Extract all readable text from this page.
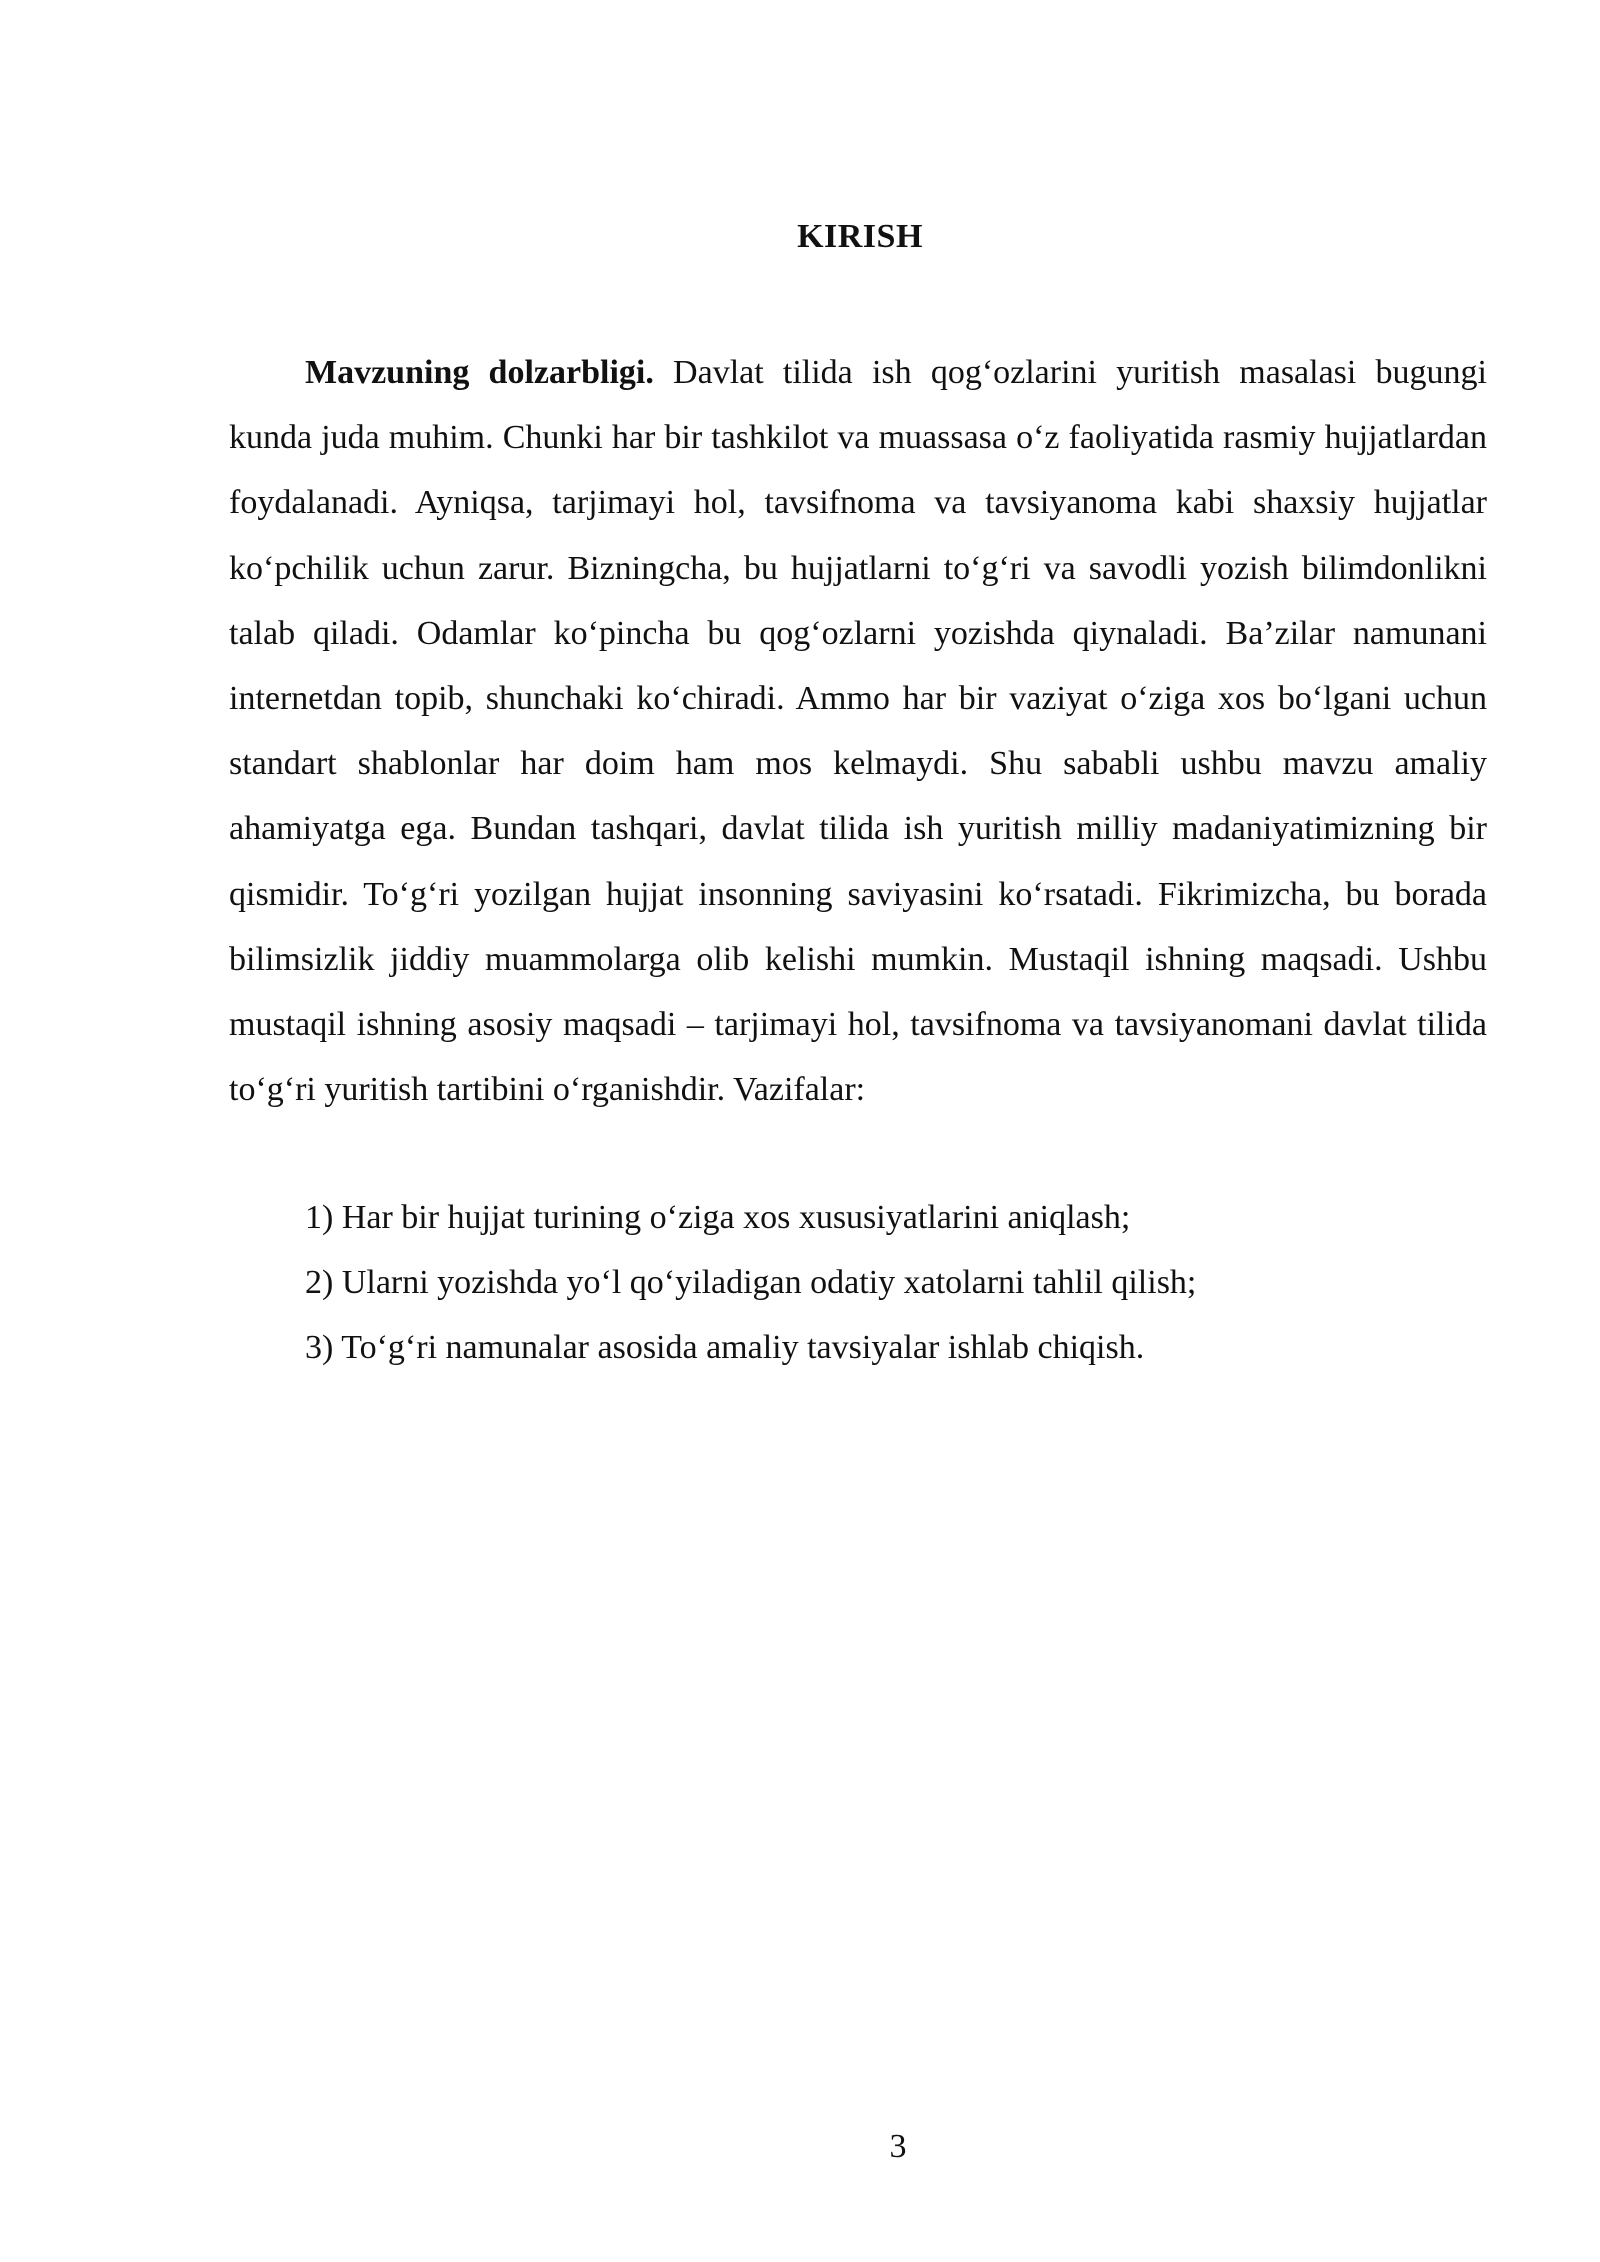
KIRISH

Mavzuning dolzarbligi. Davlat tilida ish qog‘ozlarini yuritish masalasi bugungi kunda juda muhim. Chunki har bir tashkilot va muassasa o‘z faoliyatida rasmiy hujjatlardan foydalanadi. Ayniqsa, tarjimayi hol, tavsifnoma va tavsiyanoma kabi shaxsiy hujjatlar ko‘pchilik uchun zarur. Bizningcha, bu hujjatlarni to‘g‘ri va savodli yozish bilimdonlikni talab qiladi. Odamlar ko‘pincha bu qog‘ozlarni yozishda qiynaladi. Ba’zilar namunani internetdan topib, shunchaki ko‘chiradi. Ammo har bir vaziyat o‘ziga xos bo‘lgani uchun standart shablonlar har doim ham mos kelmaydi. Shu sababli ushbu mavzu amaliy ahamiyatga ega. Bundan tashqari, davlat tilida ish yuritish milliy madaniyatimizning bir qismidir. To‘g‘ri yozilgan hujjat insonning saviyasini ko‘rsatadi. Fikrimizcha, bu borada bilimsizlik jiddiy muammolarga olib kelishi mumkin. Mustaqil ishning maqsadi. Ushbu mustaqil ishning asosiy maqsadi – tarjimayi hol, tavsifnoma va tavsiyanomani davlat tilida to‘g‘ri yuritish tartibini o‘rganishdir. Vazifalar:

1) Har bir hujjat turining o‘ziga xos xususiyatlarini aniqlash;
2) Ularni yozishda yo‘l qo‘yiladigan odatiy xatolarni tahlil qilish;
3) To‘g‘ri namunalar asosida amaliy tavsiyalar ishlab chiqish.
3
